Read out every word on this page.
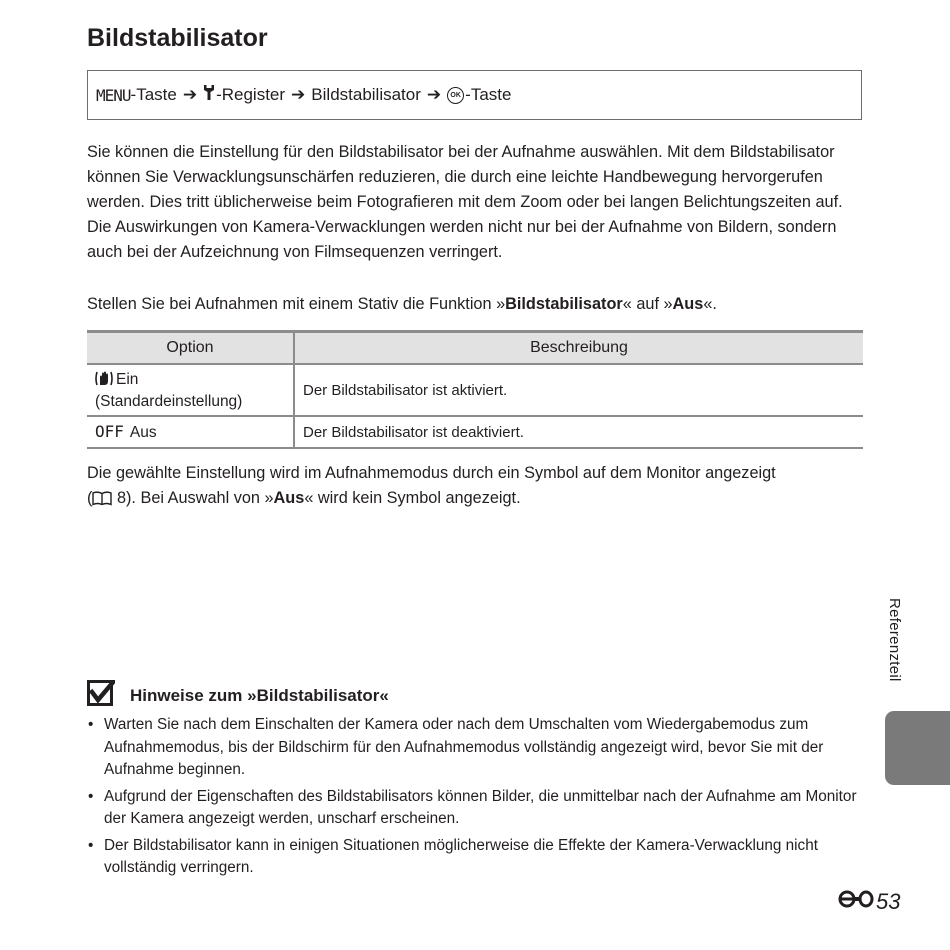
Bildstabilisator
MENU -Taste ➔ -Register ➔ Bildstabilisator ➔	OK -Taste

Sie können die Einstellung für den Bildstabilisator bei der Aufnahme auswählen. Mit dem Bildstabilisator können Sie Verwacklungsunschärfen reduzieren, die durch eine leichte Handbewegung hervorgerufen werden. Dies tritt üblicherweise beim Fotografieren mit dem Zoom oder bei langen Belichtungszeiten auf. Die Auswirkungen von Kamera-Verwacklungen werden nicht nur bei der Aufnahme von Bildern, sondern auch bei der Aufzeichnung von Filmsequenzen verringert.

Stellen Sie bei Aufnahmen mit einem Stativ die Funktion »Bildstabilisator« auf »Aus«.

Option	Beschreibung

Ein
(Standardeinstellung)	Der Bildstabilisator ist aktiviert.
OFF Aus	Der Bildstabilisator ist deaktiviert.

Die gewählte Einstellung wird im Aufnahmemodus durch ein Symbol auf dem Monitor angezeigt
( 8). Bei Auswahl von »Aus« wird kein Symbol angezeigt.

Hinweise zum »Bildstabilisator«
• Warten Sie nach dem Einschalten der Kamera oder nach dem Umschalten vom Wiedergabemodus zum Aufnahmemodus, bis der Bildschirm für den Aufnahmemodus vollständig angezeigt wird, bevor Sie mit der Aufnahme beginnen.
• Aufgrund der Eigenschaften des Bildstabilisators können Bilder, die unmittelbar nach der Aufnahme am Monitor der Kamera angezeigt werden, unscharf erscheinen.
• Der Bildstabilisator kann in einigen Situationen möglicherweise die Effekte der Kamera-Verwacklung nicht vollständig verringern.
Referenzteil
53
